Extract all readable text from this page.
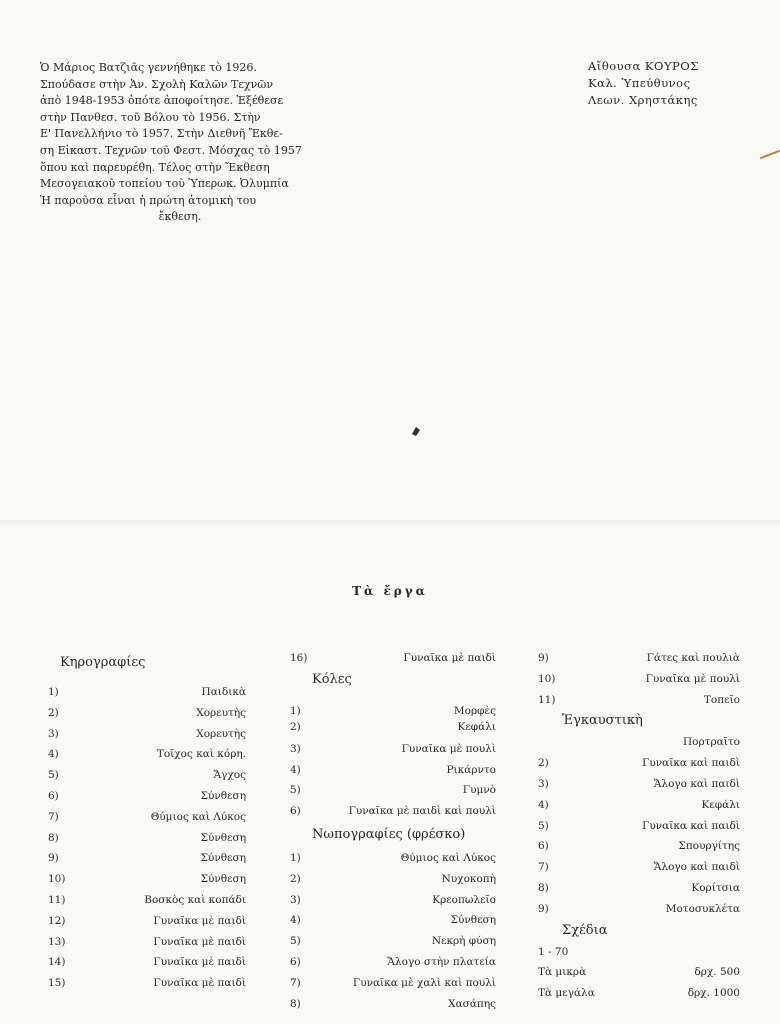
Ὁ Μάριος Βατζιᾶς γεννήθηκε τὸ 1926.
Σπούδασε στὴν Ἀν. Σχολὴ Καλῶν Τεχνῶν
ἀπὸ 1948-1953 ὁπότε ἀποφοίτησε. Ἐξέθεσε
στὴν Πανθεσ. τοῦ Βόλου τὸ 1956. Στὴν
Ε' Πανελλήνιο τὸ 1957. Στὴν Διεθνῆ Ἔκθε-
ση Εἰκαστ. Τεχνῶν τοῦ Φεστ. Μόσχας τὸ 1957
ὅπου καὶ παρευρέθη. Τέλος στὴν Ἔκθεση
Μεσογειακοῦ τοπείου τοῦ Ὑπερωκ. Ὀλυμπία
Ἡ παροῦσα εἶναι ἡ πρώτη ἀτομικὴ του
ἔκθεση.
Αἴθουσα ΚΟΥΡΟΣ
Καλ. Ὑπεύθυνος
Λεων. Χρηστάκης
Τὰ ἔργα
Κηρογραφίες
1)	Παιδικὰ
2)	Χορευτὴς
3)	Χορευτὴς
4)	Τοῖχος καὶ κόρη.
5)	Ἄγχος
6)	Σύνθεση
7)	Θύμιος καὶ Λύκος
8)	Σύνθεση
9)	Σύνθεση
10)	Σύνθεση
11)	Βοσκὸς καὶ κοπάδι
12)	Γυναῖκα μὲ παιδὶ
13)	Γυναῖκα μὲ παιδὶ
14)	Γυναῖκα μὲ παιδὶ
15)	Γυναῖκα μὲ παιδὶ
16)	Γυναῖκα μὲ παιδὶ
Κόλες
1)	Μορφὲς
2)	Κεφάλι
3)	Γυναῖκα μὲ πουλὶ
4)	Ρικάρντο
5)	Γυμνὸ
6)	Γυναῖκα μὲ παιδὶ καὶ πουλὶ
Νωπογραφίες (φρέσκο)
1)	Θύμιος καὶ Λύκος
2)	Νυχοκοπὴ
3)	Κρεοπωλεῖο
4)	Σύνθεση
5)	Νεκρὴ φύση
6)	Ἄλογο στὴν πλατεία
7)	Γυναῖκα μὲ χαλὶ καὶ πουλὶ
8)	Χασάπης
9)	Γάτες καὶ πουλιὰ
10)	Γυναῖκα μὲ πουλὶ
11)	Τοπεῖο
Ἐγκαυστικὴ
Πορτραῖτο
2)	Γυναῖκα καὶ παιδὶ
3)	Ἄλογο καὶ παιδὶ
4)	Κεφάλι
5)	Γυναῖκα καὶ παιδὶ
6)	Σπουργίτης
7)	Ἄλογο καὶ παιδὶ
8)	Κορίτσια
9)	Μοτοσυκλέτα
Σχέδια
1 - 70
Τὰ μικρὰ	δρχ. 500
Τὰ μεγάλα	δρχ. 1000
